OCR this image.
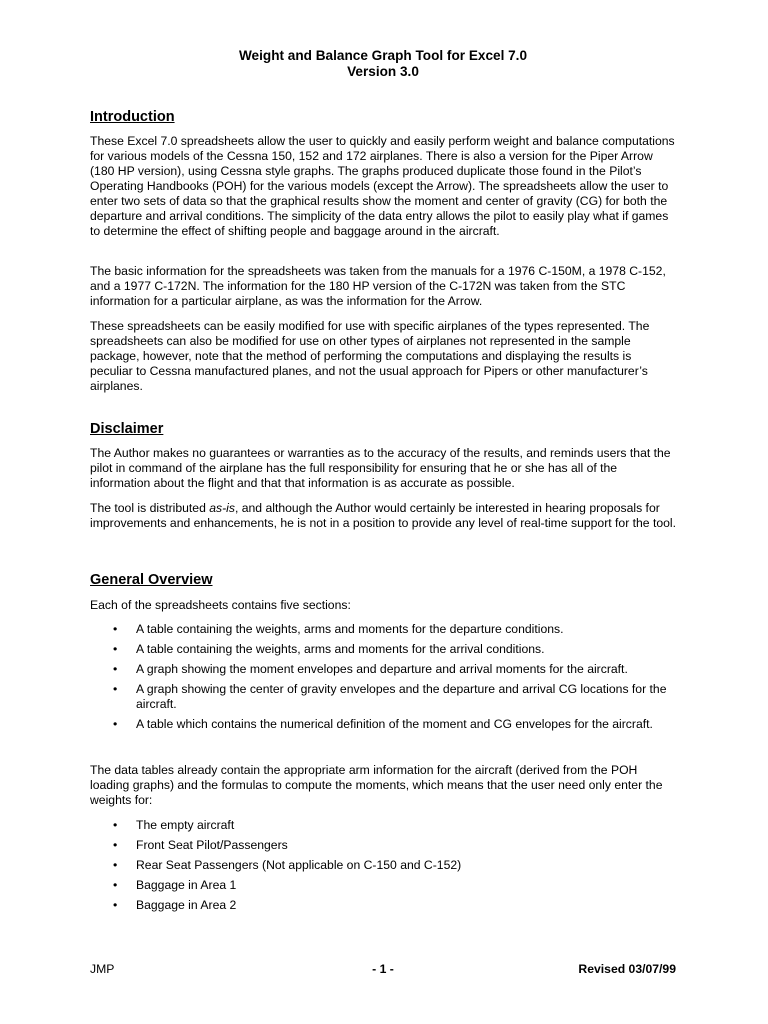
Weight and Balance Graph Tool for Excel 7.0
Version 3.0
Introduction

These Excel 7.0 spreadsheets allow the user to quickly and easily perform weight and balance computations for various models of the Cessna 150, 152 and 172 airplanes. There is also a version for the Piper Arrow (180 HP version), using Cessna style graphs. The graphs produced duplicate those found in the Pilot’s Operating Handbooks (POH) for the various models (except the Arrow). The spreadsheets allow the user to enter two sets of data so that the graphical results show the moment and center of gravity (CG) for both the departure and arrival conditions. The simplicity of the data entry allows the pilot to easily play what if games to determine the effect of shifting people and baggage around in the aircraft.

The basic information for the spreadsheets was taken from the manuals for a 1976 C-150M, a 1978 C-152, and a 1977 C-172N. The information for the 180 HP version of the C-172N was taken from the STC information for a particular airplane, as was the information for the Arrow.

These spreadsheets can be easily modified for use with specific airplanes of the types represented. The spreadsheets can also be modified for use on other types of airplanes not represented in the sample package, however, note that the method of performing the computations and displaying the results is peculiar to Cessna manufactured planes, and not the usual approach for Pipers or other manufacturer’s airplanes.

Disclaimer

The Author makes no guarantees or warranties as to the accuracy of the results, and reminds users that the pilot in command of the airplane has the full responsibility for ensuring that he or she has all of the information about the flight and that that information is as accurate as possible.

The tool is distributed as-is, and although the Author would certainly be interested in hearing proposals for improvements and enhancements, he is not in a position to provide any level of real-time support for the tool.

General Overview

Each of the spreadsheets contains five sections:

• A table containing the weights, arms and moments for the departure conditions.
• A table containing the weights, arms and moments for the arrival conditions.
• A graph showing the moment envelopes and departure and arrival moments for the aircraft.
• A graph showing the center of gravity envelopes and the departure and arrival CG locations for the aircraft.
• A table which contains the numerical definition of the moment and CG envelopes for the aircraft.

The data tables already contain the appropriate arm information for the aircraft (derived from the POH loading graphs) and the formulas to compute the moments, which means that the user need only enter the weights for:

• The empty aircraft
• Front Seat Pilot/Passengers
• Rear Seat Passengers (Not applicable on C-150 and C-152)
• Baggage in Area 1
• Baggage in Area 2
JMP	- 1 -	Revised 03/07/99
